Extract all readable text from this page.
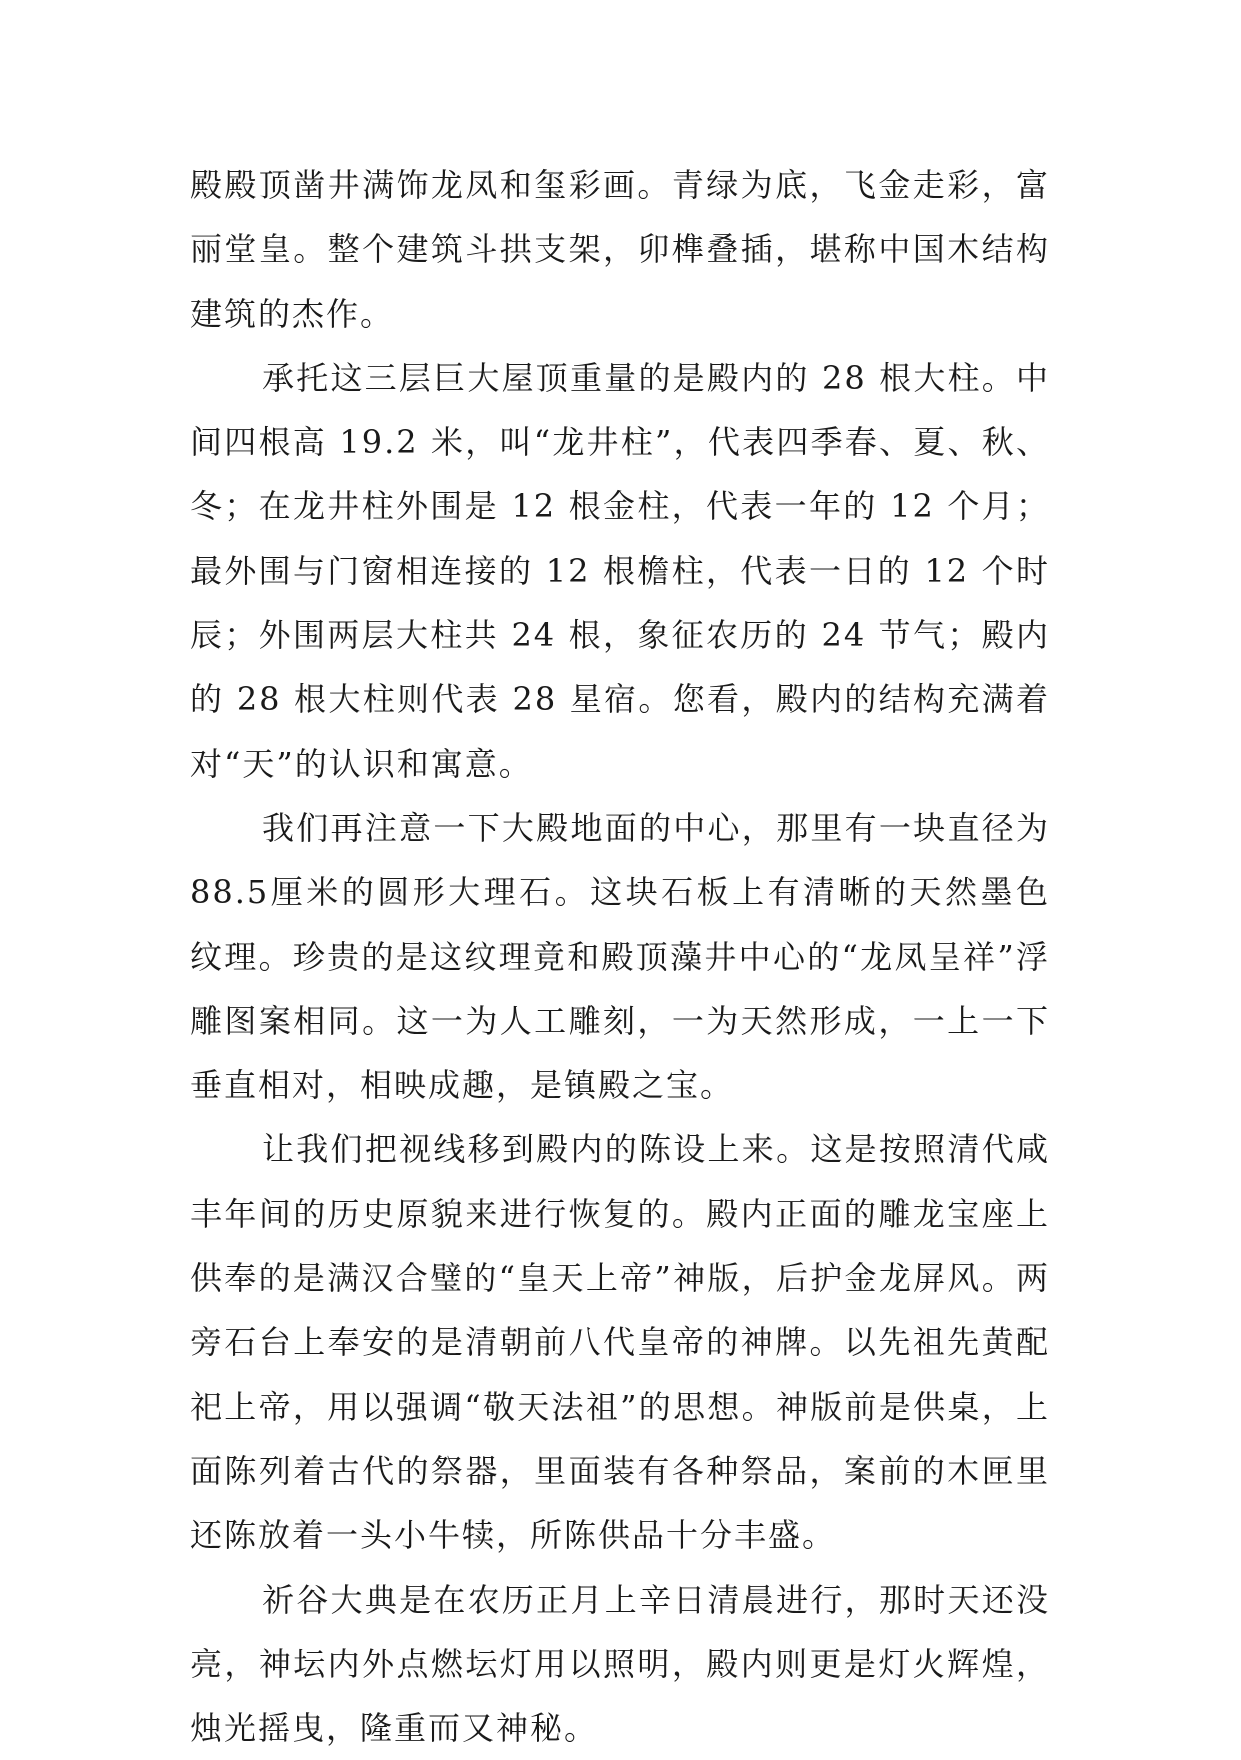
殿殿顶凿井满饰龙凤和玺彩画。青绿为底，飞金走彩，富丽堂皇。整个建筑斗拱支架，卯榫叠插，堪称中国木结构建筑的杰作。

承托这三层巨大屋顶重量的是殿内的 28 根大柱。中间四根高 19.2 米，叫“龙井柱”，代表四季春、夏、秋、冬；在龙井柱外围是 12 根金柱，代表一年的 12 个月；最外围与门窗相连接的 12 根檐柱，代表一日的 12 个时辰；外围两层大柱共 24 根，象征农历的 24 节气；殿内的 28 根大柱则代表 28 星宿。您看，殿内的结构充满着对“天”的认识和寓意。

我们再注意一下大殿地面的中心，那里有一块直径为 88.5厘米的圆形大理石。这块石板上有清晰的天然墨色纹理。珍贵的是这纹理竟和殿顶藻井中心的“龙凤呈祥”浮雕图案相同。这一为人工雕刻，一为天然形成，一上一下垂直相对，相映成趣，是镇殿之宝。

让我们把视线移到殿内的陈设上来。这是按照清代咸丰年间的历史原貌来进行恢复的。殿内正面的雕龙宝座上供奉的是满汉合璧的“皇天上帝”神版，后护金龙屏风。两旁石台上奉安的是清朝前八代皇帝的神牌。以先祖先黄配祀上帝，用以强调“敬天法祖”的思想。神版前是供桌，上面陈列着古代的祭器，里面装有各种祭品，案前的木匣里还陈放着一头小牛犊，所陈供品十分丰盛。

祈谷大典是在农历正月上辛日清晨进行，那时天还没亮，神坛内外点燃坛灯用以照明，殿内则更是灯火辉煌，烛光摇曳，隆重而又神秘。
